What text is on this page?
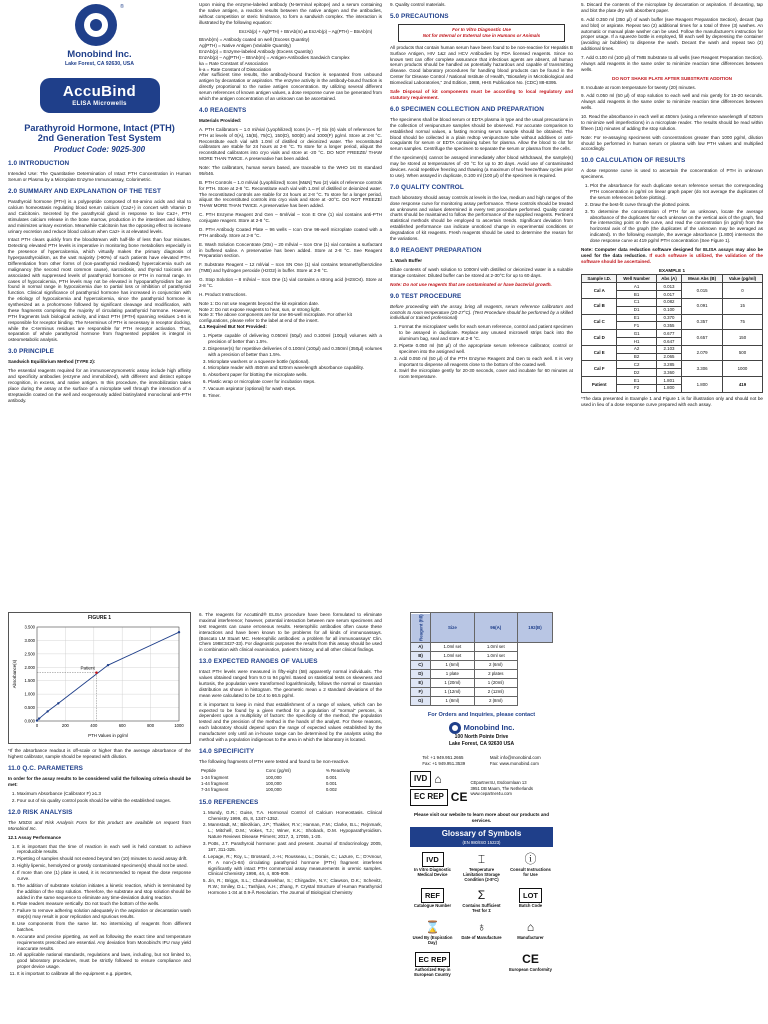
®
Monobind Inc.
Lake Forest, CA 92630, USA
AccuBind
ELISA Microwells
Parathyroid Hormone, Intact (PTH)
2nd Generation Test System
Product Code: 9025-300
1.0 INTRODUCTION

Intended Use: The Quantitative Determination of Intact PTH Concentration in Human Serum or Plasma by a Microplate Enzyme Immunoassay, Colorimetric.

2.0 SUMMARY AND EXPLANATION OF THE TEST

Parathyroid hormone (PTH) is a polypeptide composed of 84-amino acids and vital to calcium homeostasis regulating blood serum calcium (Ca2+) in concert with Vitamin D and Calcitonin. Secreted by the parathyroid gland in response to low Ca2+, PTH stimulates calcium release in the bone marrow, production in the intestines and kidney, and minimizes urinary excretion. Meanwhile Calcitonin has the opposing effect to increase urinary excretion and reduce blood calcium when Ca2+ is at elevated levels.

Intact PTH clears quickly from the bloodstream with half-life of less than four minutes. Detecting elevated PTH levels is imperative in monitoring bone metabolism especially in the presence of hypercalcemia, which virtually makes the primary diagnosis of hyperparathyroidism, as the vast majority (>90%) of such patients have elevated PTH. Differentiation from other forms of (non-parathyroid mediated) hypercalcemia such as malignancy (the second most common cause), sarcoidosis, and thyroid toxicosis are associated with suppressed levels of parathyroid hormone or PTH in normal range. In cases of hypocalcemia, PTH levels may not be elevated in hypoparathyroidism but are found in normal range in hypocalcemia due to partial loss or inhibition of parathyroid function. Clinical significance of parathyroid hormone has increased in conjunction with the etiology of hypocalcemia and hypercalcemia, since the parathyroid hormone is synthesized as a prohormone followed by significant cleavage and modification, with these fragments comprising the majority of circulating parathyroid hormone. However, PTH fragments lack biological activity, and intact PTH (IPTH) spanning residues 1-84 is responsible for receptor binding. The N-terminus of PTH is necessary in receptor docking, while the C-terminus residues are responsible for PTH receptor activation. Thus, separation of whole parathyroid hormone from fragmented peptides is integral in osteometabolic analysis.

3.0 PRINCIPLE

Sandwich Equilibrium Method (TYPE 2):

The essential reagents required for an immunoenzymometric assay include high affinity and specificity antibodies (enzyme and immobilized), with different and distinct epitope recognition, in excess, and native antigen. In this procedure, the immobilization takes place during the assay at the surface of a microplate well through the interaction of a streptavidin coated on the well and exogenously added biotinylated monoclonal anti-PTH antibody.

Upon mixing the enzyme-labeled antibody (N-terminal epitope) and a serum containing the native antigen, a reaction results between the native antigen and the antibodies, without competition or steric hindrance, to form a sandwich complex. The interaction is illustrated by the following equation:

EnzAb(p) + Ag(PTH) + BtnAb(m) ⇌ EnzAb(p) – Ag(PTH) – BtnAb(m)
BtnAb(m) = Antibody coated on well (Excess Quantity)
Ag(PTH) = Native Antigen (Variable Quantity)
EnzAb(p) = Enzyme-labeled Antibody (Excess Quantity)
EnzAb(p) – Ag(PTH) – BtnAb(m) = Antigen-Antibodies Sandwich Complex
ka = Rate Constant of Association
k-a = Rate Constant of Dissociation

After sufficient time results, the antibody-bound fraction is separated from unbound antigen by decantation or aspiration. The enzyme activity in the antibody-bound fraction is directly proportional to the native antigen concentration. By utilizing several different serum references of known antigen values, a dose response curve can be generated from which the antigen concentration of an unknown can be ascertained.

4.0 REAGENTS

Materials Provided:

A. PTH Calibrators – 1.0 ml/vial (Lyophilized) Icons [A – F] Six (6) vials of references for PTH at levels of 0(A), 15(B), 75(C), 150(D), 500(E) and 1000(F) pg/ml. Store at 2-8 °C. Reconstitute each vial with 1.0ml of distilled or deionized water. The reconstituted calibrators are stable for 24 hours at 2-8 °C. To store for a longer period, aliquot the reconstituted calibrators into cryo vials and store at -20 °C. DO NOT FREEZE/ THAW MORE THAN TWICE. A preservative has been added.

Note: The calibrators, human serum based, are traceable to the WHO 1st IS standard 95/646.

B. PTH Controls – 1.0 ml/vial (Lyophilized) Icons [M&N] Two (2) vials of reference controls for PTH. Store at 2-8 °C. Reconstitute each vial with 1.0ml of distilled or deionized water. The reconstituted controls are stable for 24 hours at 2-8 °C. To store for a longer period, aliquot the reconstituted controls into cryo vials and store at -20°C. DO NOT FREEZE/ THAW MORE THAN TWICE. A preservative has been added.

C. PTH Enzyme Reagent 2nd Gen – 6ml/vial – Icon E One (1) vial contains anti-PTH conjugate reagent. Store at 2-8 °C.

D. PTH Antibody Coated Plate – 96 wells – Icon One 96-well microplate coated with a PTH antibody. Store at 2-8 °C.

E. Wash Solution Concentrate (20x) – 20 ml/vial – Icon One (1) vial contains a surfactant in buffered saline. A preservative has been added. Store at 2-8 °C. See Reagent Preparation section.

F. Substrate Reagent – 12 ml/vial – Icon SN One (1) vial contains tetramethylbenzidine (TMB) and hydrogen peroxide (H2O2) in buffer. Store at 2-8 °C.

G. Stop Solution – 8 ml/vial – Icon One (1) vial contains a strong acid (H2SO4). Store at 2-8 °C.

H. Product Instructions.

Note 1: Do not use reagents beyond the kit expiration date.
Note 2: Do not expose reagents to heat, sun, or strong light.
Note 3: The above components are for one 96-well microplate. For other kit configurations, please refer to the label at end of the insert.

4.1 Required But Not Provided:

1. Pipette capable of delivering 0.050ml (50µl) and 0.100ml (100µl) volumes with a precision of better than 1.5%.
2. Dispenser(s) for repetitive deliveries of 0.100ml (100µl) and 0.350ml (350µl) volumes with a precision of better than 1.5%.
3. Microplate washers or a squeeze bottle (optional).
4. Microplate reader with 450nm and 620nm wavelength absorbance capability.
5. Absorbent paper for blotting the microplate wells.
6. Plastic wrap or microplate cover for incubation steps.
7. Vacuum aspirator (optional) for wash steps.
8. Timer.

9. Quality control materials.

5.0 PRECAUTIONS
For In Vitro Diagnostic Use
Not for Internal or External Use in Humans or Animals

All products that contain human serum have been found to be non-reactive for Hepatitis B Surface Antigen, HIV 1&2 and HCV Antibodies by FDA licensed reagents. Since no known test can offer complete assurance that infectious agents are absent, all human serum products should be handled as potentially hazardous and capable of transmitting disease. Good laboratory procedures for handling blood products can be found in the Center for Disease Control / National Institute of Health, "Biosafety in Microbiological and Biomedical Laboratories," 2nd Edition, 1988, HHS Publication No. (CDC) 88-8395.

Safe Disposal of kit components must be according to local regulatory and statutory requirement.

6.0 SPECIMEN COLLECTION AND PREPARATION

The specimens shall be blood serum or EDTA plasma in type and the usual precautions in the collection of venipuncture samples should be observed. For accurate comparison to established normal values, a fasting morning serum sample should be obtained. The blood should be collected in a plain redtop venipuncture tube without additives or anti-coagulants for serum or EDTA containing tubes for plasma. Allow the blood to clot for serum samples. Centrifuge the specimen to separate the serum or plasma from the cells.

If the specimen(s) cannot be assayed immediately after blood withdrawal, the sample(s) may be stored at temperatures of -20 °C for up to 30 days. Avoid use of contaminated devices. Avoid repetitive freezing and thawing (a maximum of two freeze/thaw cycles prior to use). When assayed in duplicate, 0.100 ml (100 µl) of the specimen is required.

7.0 QUALITY CONTROL

Each laboratory should assay controls at levels in the low, medium and high ranges of the dose response curve for monitoring assay performance. These controls should be treated as unknowns and values determined in every test procedure performed. Quality control charts should be maintained to follow the performance of the supplied reagents. Pertinent statistical methods should be employed to ascertain trends. Significant deviation from established performance can indicate unnoticed change in experimental conditions or degradation of kit reagents. Fresh reagents should be used to determine the reason for the variations.

8.0 REAGENT PREPARATION

1. Wash Buffer

Dilute contents of wash solution to 1000ml with distilled or deionized water in a suitable storage container. Diluted buffer can be stored at 2-30°C for up to 60 days.

Note: Do not use reagents that are contaminated or have bacterial growth.

9.0 TEST PROCEDURE

Before proceeding with the assay, bring all reagents, serum reference calibrators and controls to room temperature (20-27°C). (Test Procedure should be performed by a skilled individual or trained professional)

1. Format the microplates' wells for each serum reference, control and patient specimen to be assayed in duplicate. Replace any unused microwell strips back into the aluminum bag, seal and store at 2-8 °C.
2. Pipette 0.050 ml (50 µl) of the appropriate serum reference calibrator, control or specimen into the assigned well.
3. Add 0.050 ml (50 µl) of the PTH Enzyme Reagent 2nd Gen to each well. It is very important to dispense all reagents close to the bottom of the coated well.
4. Swirl the microplate gently for 20-30 seconds, cover and incubate for 60 minutes at room temperature.

5. Discard the contents of the microplate by decantation or aspiration. If decanting, tap and blot the plate dry with absorbent paper.

6. Add 0.350 ml (350 µl) of wash buffer (see Reagent Preparation Section), decant (tap and blot) or aspirate. Repeat two (2) additional times for a total of three (3) washes. An automatic or manual plate washer can be used. Follow the manufacturer's instruction for proper usage. If a squeeze bottle is employed, fill each well by depressing the container (avoiding air bubbles) to dispense the wash. Decant the wash and repeat two (2) additional times.

7. Add 0.100 ml (100 µl) of TMB Substrate to all wells (see Reagent Preparation Section). Always add reagents in the same order to minimize reaction time differences between wells.

DO NOT SHAKE PLATE AFTER SUBSTRATE ADDITION

8. Incubate at room temperature for twenty (20) minutes.

9. Add 0.050 ml (50 µl) of stop solution to each well and mix gently for 15-20 seconds. Always add reagents in the same order to minimize reaction time differences between wells.

10. Read the absorbance in each well at 450nm (using a reference wavelength of 620nm to minimize well imperfections) in a microplate reader. The results should be read within fifteen (15) minutes of adding the stop solution.

Note: For re-assaying specimens with concentrations greater than 1000 pg/ml, dilution should be performed in human serum or plasma with low PTH values and multiplied accordingly.

10.0 CALCULATION OF RESULTS

A dose response curve is used to ascertain the concentration of PTH in unknown specimens.

1. Plot the absorbance for each duplicate serum reference versus the corresponding PTH concentration in pg/ml on linear graph paper (do not average the duplicates of the serum references before plotting).
2. Draw the best-fit curve through the plotted points.
3. To determine the concentration of PTH for an unknown, locate the average absorbance of the duplicates for each unknown on the vertical axis of the graph, find the intersecting point on the curve, and read the concentration (in pg/ml) from the horizontal axis of the graph (the duplicates of the unknown may be averaged as indicated). In the following example, the average absorbance (1.800) intersects the dose response curve at 419 pg/ml PTH concentration (See Figure 1).

Note: Computer data reduction software designed for ELISA assays may also be used for the data reduction. If such software is utilized, the validation of the software should be ascertained.

EXAMPLE 1
Sample I.D.	Well Number	Abs (A)	Mean Abs (B)	Value (pg/ml)
Cal A	A1	0.013	0.015	0
	B1	0.017		
Cal B	C1	0.082	0.091	15
	D1	0.100		
Cal C	E1	0.370	0.357	75
	F1	0.355		
Cal D	G1	0.677	0.657	150
	H1	0.647		
Cal E	A2	2.103	2.079	500
	B2	2.065		
Cal F	C2	3.285	3.306	1000
	D2	3.360		
Patient	E1	1.801	1.800	419
	F2	1.800		

*The data presented in Example 1 and Figure 1 is for illustration only and should not be used in lieu of a dose response curve prepared with each assay.

FIGURE 1
0.000
0.500
1.000
1.500
2.000
2.500
3.000
3.500
0	200	400	600	800	1000
Patient
PTH Values in pg/ml
Absorbance(s)

*If the absorbance readout is off-scale or higher than the average absorbance of the highest calibrator, sample should be repeated with dilution.

11.0 Q.C. PARAMETERS

In order for the assay results to be considered valid the following criteria should be met:

1. Maximum Absorbance (Calibrator F) ≥1.3
2. Four out of six quality control pools should be within the established ranges.
12.0 RISK ANALYSIS

The MSDS and Risk Analysis Form for this product are available on request from Monobind Inc.

12.1 Assay Performance

1. It is important that the time of reaction in each well is held constant to achieve reproducible results.
2. Pipetting of samples should not extend beyond ten (10) minutes to avoid assay drift.
3. Highly lipemic, hemolyzed or grossly contaminated specimen(s) should not be used.
4. If more than one (1) plate is used, it is recommended to repeat the dose response curve.
5. The addition of substrate solution initiates a kinetic reaction, which is terminated by the addition of the stop solution. Therefore, the substrate and stop solution should be added in the same sequence to eliminate any time-deviation during reaction.
6. Plate readers measure vertically. Do not touch the bottom of the wells.
7. Failure to remove adhering solution adequately in the aspiration or decantation wash step(s) may result in poor replication and spurious results.
8. Use components from the same lot. No intermixing of reagents from different batches.
9. Accurate and precise pipetting, as well as following the exact time and temperature requirements prescribed are essential. Any deviation from Monobind's IFU may yield inaccurate results.
10. All applicable national standards, regulations and laws, including, but not limited to, good laboratory procedures, must be strictly followed to ensure compliance and proper device usage.
11. It is important to calibrate all the equipment e.g. pipettes,

6. The reagents for AccuBind® ELISA procedure have been formulated to eliminate maximal interference; however, potential interaction between rare serum specimens and test reagents can cause erroneous results. Heterophilic antibodies often cause these interactions and have been known to be problems for all kinds of immunoassays. (Boscato LM Stuart MC. Heterophilic antibodies: a problem for all immunoassays' Clin. Chem 1988:3427-33). For diagnostic purposes the results from this assay should be used in combination with clinical examination, patient's history, and all other clinical findings.

13.0 EXPECTED RANGES OF VALUES

Intact PTH levels were measured in fifty-eight (58) apparently normal individuals. The values obtained ranged from 9.0 to 94 pg/ml. Based on statistical tests on skewness and kurtosis, the population were transformed logarithmically, follows the normal or Gaussian distribution as shown in histogram. The geometric mean ± 2 standard deviations of the mean were calculated to be 10.4 to 66.5 pg/ml.

It is important to keep in mind that establishment of a range of values, which can be expected to be found by a given method for a population of "normal" persons, is dependent upon a multiplicity of factors: the specificity of the method, the population tested and the precision of the method in the hands of the analyst. For these reasons, each laboratory should depend upon the range of expected values established by the manufacturer only until an in-house range can be determined by the analysts using the method with a population indigenous to the area in which the laboratory is located.

14.0 SPECIFICITY

The following fragments of PTH were tested and found to be non-reactive.

Peptide	Conc (pg/ml)	% Reactivity
1-34 fragment	100,000	0.001
1-44 fragment	100,000	0.001
7-34 fragment	100,000	0.002
15.0 REFERENCES
1. Mundy, G.R.; Guise, T.A. Hormonal Control of Calcium Homeostasis. Clinical Chemistry 1999, 45, 8, 1347-1352.
2. Mannstadt, M.; Bilezikian, J.P.; Thakker, R.V.; Hannan, F.M.; Clarke, B.L.; Rejnmark, L.; Mitchell, D.M.; Vokes, T.J.; Winer, K.K.; Shoback, D.M. Hypoparathyroidism. Nature Reviews Disease Primers; 2017, 3, 17055, 1-20.
3. Potts, J.T. Parathyroid hormone: past and present. Journal of Endocrinology 2005, 187, 311-325.
4. Lepage, R.; Roy, L.; Brossard, J.-H.; Rousseau, L.; Dorais, C.; Lazure, C.; D'Amour, P. A non-(1-84) circulating parathyroid hormone (PTH) fragment interferes significantly with intact PTH commercial assay measurements in uremic samples. Clinical Chemistry 1998, 44, 4, 805-809.
5. Jin, R.; Briggs, S.L.; Chandrasekhar, S.; Chirgadze, N.Y.; Clawson, D.K.; Schevitz, R.W.; Smiley, D.L.; Tashjian, A.H.; Zhang, F. Crystal Structure of Human Parathyroid Hormone 1-34 at 0.9-Å Resolution. The Journal of Biological Chemistry
Reagent (fill)	Size	96(A)	192(B)
A)	1.0ml set	1.0ml set	
B)	1.0ml set	1.0ml set	
C)	1 (6ml)	2 (6ml)	
D)	1 plate	2 plates	
E)	1 (20ml)	1 (20ml)	
F)	1 (12ml)	2 (12ml)	
G)	1 (8ml)	2 (8ml)	
For Orders and Inquiries, please contact
Monobind Inc.
100 North Pointe Drive
Lake Forest, CA 92630 USA
Tel: +1 949.951.2665
Fax: +1 949.951.3539
Mail: info@monobind.com
Fax: www.monobind.com
IVD ⌂
EC REP CE
CEpartner4U, Esdoornlaan 13
3951 DB Maarn, The Netherlands
www.cepartner4u.com
Please visit our website to learn more about our products and services.
Glossary of Symbols
(EN 980/ISO 15223)
IVD
In Vitro Diagnostic Medical Device
⌶
Temperature Limitation Storage Condition (2-8°C)
ⓘ
Consult Instructions for Use
REF
Catalogue Number
Σ
Contains Sufficient Test for Σ
LOT
Batch Code
⌛
Used By (Expiration Day)
♁
Date of Manufacture
⌂
Manufacturer
EC REP
Authorized Rep in European Country
CE
European Conformity
